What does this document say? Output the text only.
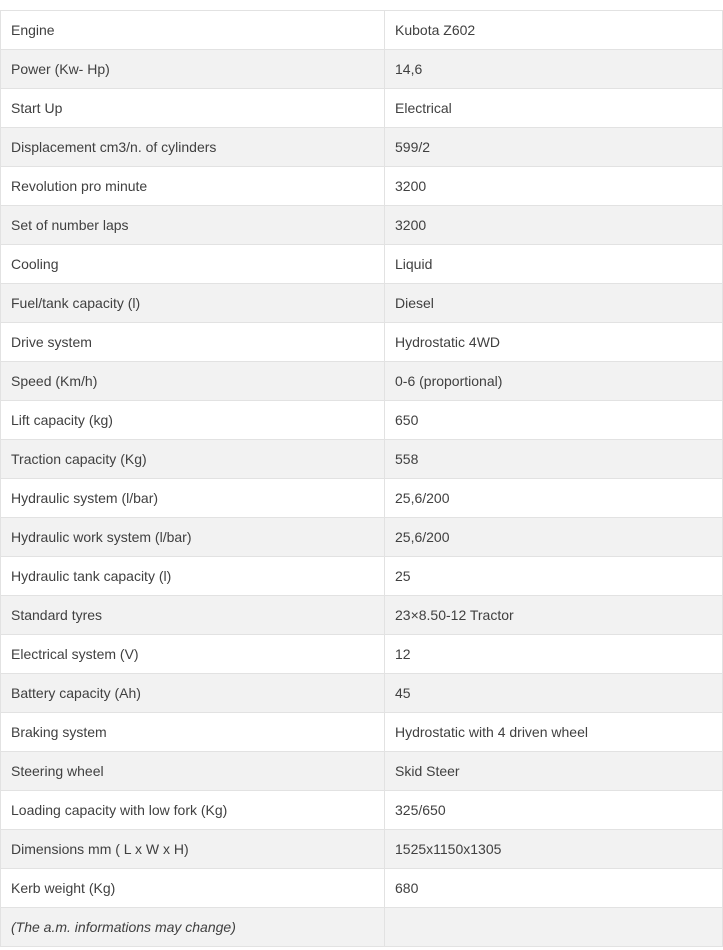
Engine	Kubota Z602
Power (Kw- Hp)	14,6
Start Up	Electrical
Displacement cm3/n. of cylinders	599/2
Revolution pro minute	3200
Set of number laps	3200
Cooling	Liquid
Fuel/tank capacity (l)	Diesel
Drive system	Hydrostatic 4WD
Speed (Km/h)	0-6 (proportional)
Lift capacity (kg)	650
Traction capacity (Kg)	558
Hydraulic system (l/bar)	25,6/200
Hydraulic work system (l/bar)	25,6/200
Hydraulic tank capacity (l)	25
Standard tyres	23×8.50-12 Tractor
Electrical system (V)	12
Battery capacity (Ah)	45
Braking system	Hydrostatic with 4 driven wheel
Steering wheel	Skid Steer
Loading capacity with low fork (Kg)	325/650
Dimensions mm ( L x W x H)	1525x1150x1305
Kerb weight (Kg)	680
(The a.m. informations may change)	
